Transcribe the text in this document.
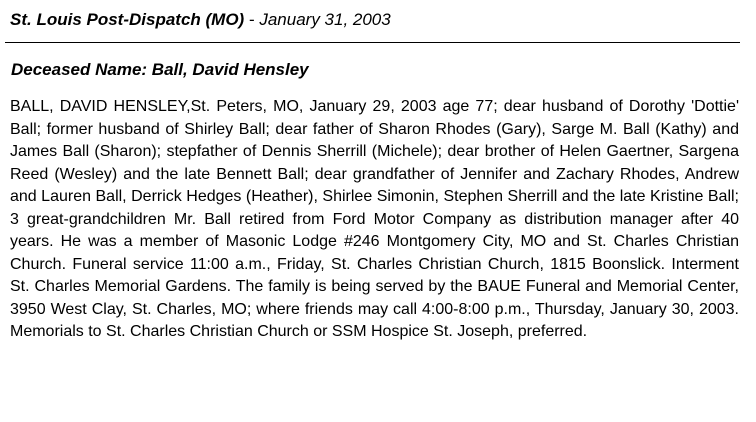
St. Louis Post-Dispatch (MO) - January 31, 2003
Deceased Name: Ball, David Hensley
BALL, DAVID HENSLEY,St. Peters, MO, January 29, 2003 age 77; dear husband of Dorothy 'Dottie' Ball; former husband of Shirley Ball; dear father of Sharon Rhodes (Gary), Sarge M. Ball (Kathy) and James Ball (Sharon); stepfather of Dennis Sherrill (Michele); dear brother of Helen Gaertner, Sargena Reed (Wesley) and the late Bennett Ball; dear grandfather of Jennifer and Zachary Rhodes, Andrew and Lauren Ball, Derrick Hedges (Heather), Shirlee Simonin, Stephen Sherrill and the late Kristine Ball; 3 great-grandchildren Mr. Ball retired from Ford Motor Company as distribution manager after 40 years. He was a member of Masonic Lodge #246 Montgomery City, MO and St. Charles Christian Church. Funeral service 11:00 a.m., Friday, St. Charles Christian Church, 1815 Boonslick. Interment St. Charles Memorial Gardens. The family is being served by the BAUE Funeral and Memorial Center, 3950 West Clay, St. Charles, MO; where friends may call 4:00-8:00 p.m., Thursday, January 30, 2003. Memorials to St. Charles Christian Church or SSM Hospice St. Joseph, preferred.
